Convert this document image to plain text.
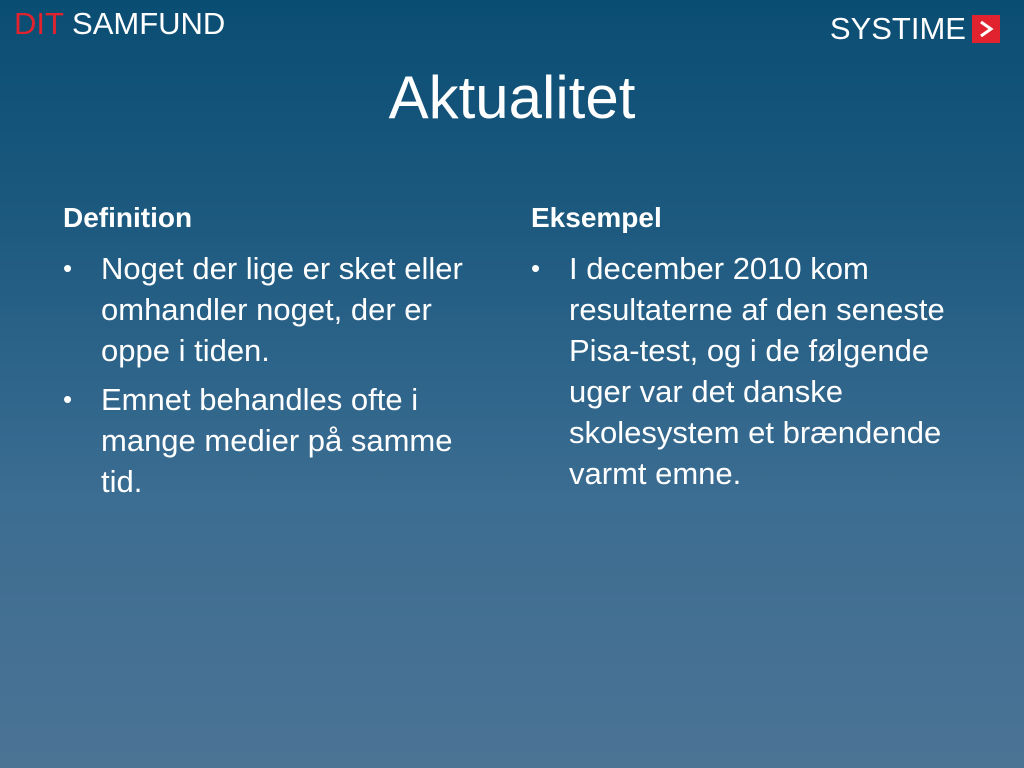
DIT SAMFUND	SYSTIME
Aktualitet
Definition
• Noget der lige er sket eller omhandler noget, der er oppe i tiden.
• Emnet behandles ofte i mange medier på samme tid.
Eksempel
• I december 2010 kom resultaterne af den seneste Pisa-test, og i de følgende uger var det danske skolesystem et brændende varmt emne.
